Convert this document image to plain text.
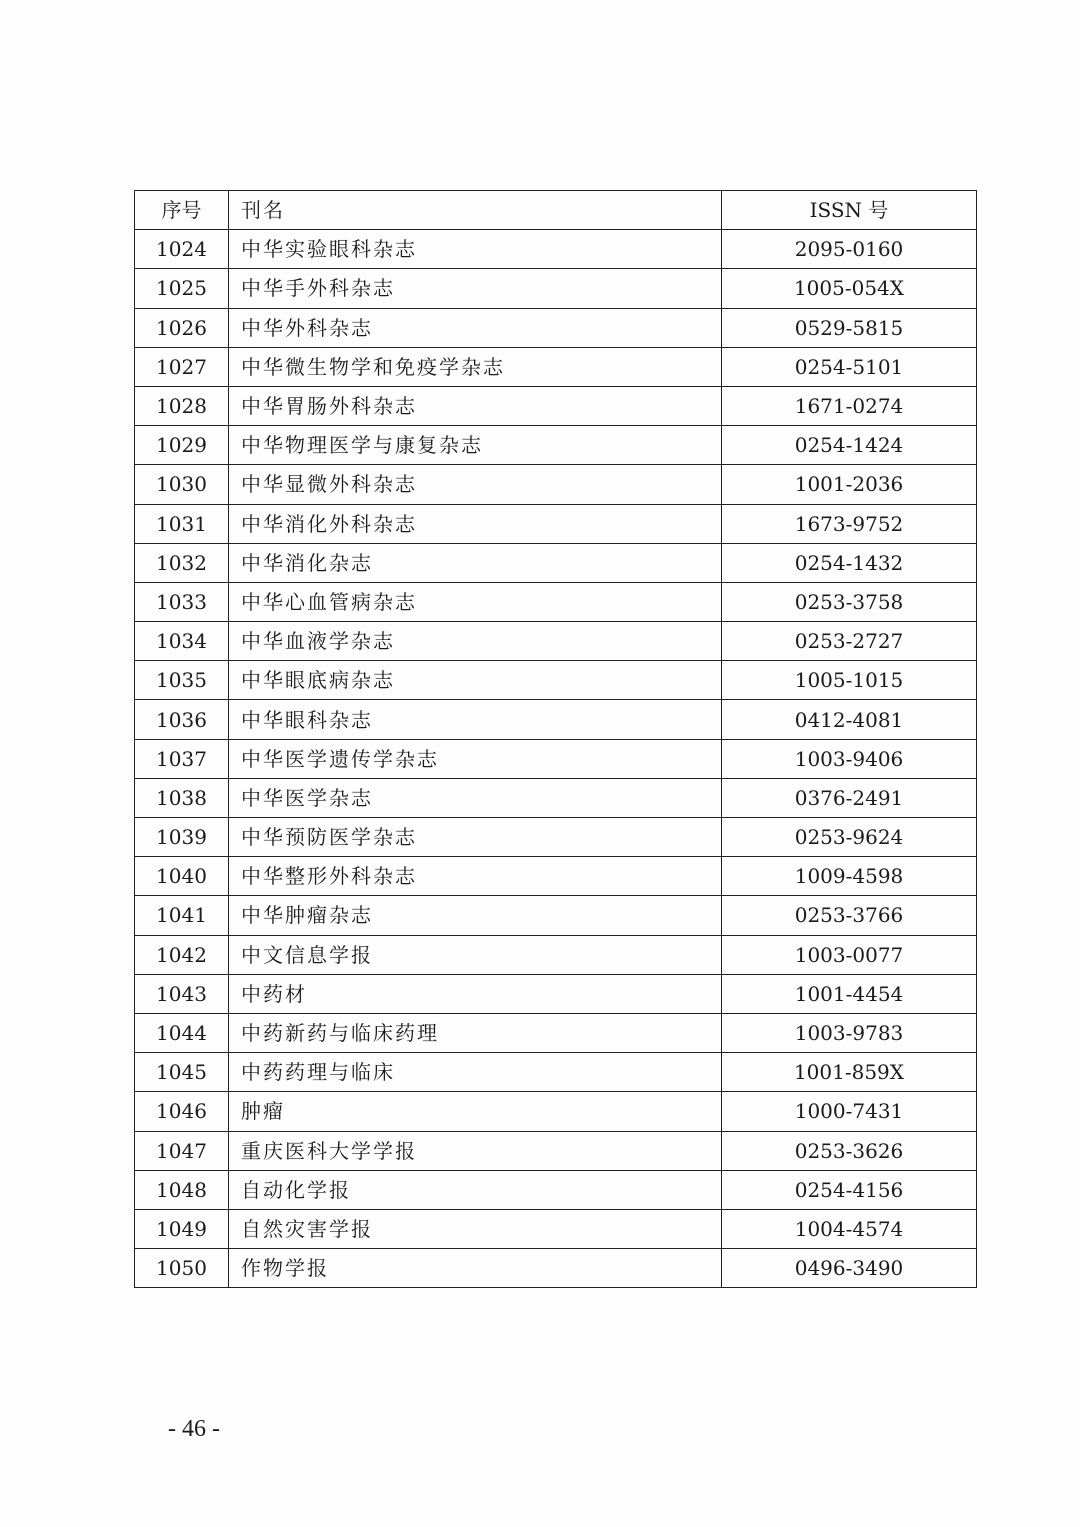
序号	刊名	ISSN 号
1024	中华实验眼科杂志	2095-0160
1025	中华手外科杂志	1005-054X
1026	中华外科杂志	0529-5815
1027	中华微生物学和免疫学杂志	0254-5101
1028	中华胃肠外科杂志	1671-0274
1029	中华物理医学与康复杂志	0254-1424
1030	中华显微外科杂志	1001-2036
1031	中华消化外科杂志	1673-9752
1032	中华消化杂志	0254-1432
1033	中华心血管病杂志	0253-3758
1034	中华血液学杂志	0253-2727
1035	中华眼底病杂志	1005-1015
1036	中华眼科杂志	0412-4081
1037	中华医学遗传学杂志	1003-9406
1038	中华医学杂志	0376-2491
1039	中华预防医学杂志	0253-9624
1040	中华整形外科杂志	1009-4598
1041	中华肿瘤杂志	0253-3766
1042	中文信息学报	1003-0077
1043	中药材	1001-4454
1044	中药新药与临床药理	1003-9783
1045	中药药理与临床	1001-859X
1046	肿瘤	1000-7431
1047	重庆医科大学学报	0253-3626
1048	自动化学报	0254-4156
1049	自然灾害学报	1004-4574
1050	作物学报	0496-3490
- 46 -
